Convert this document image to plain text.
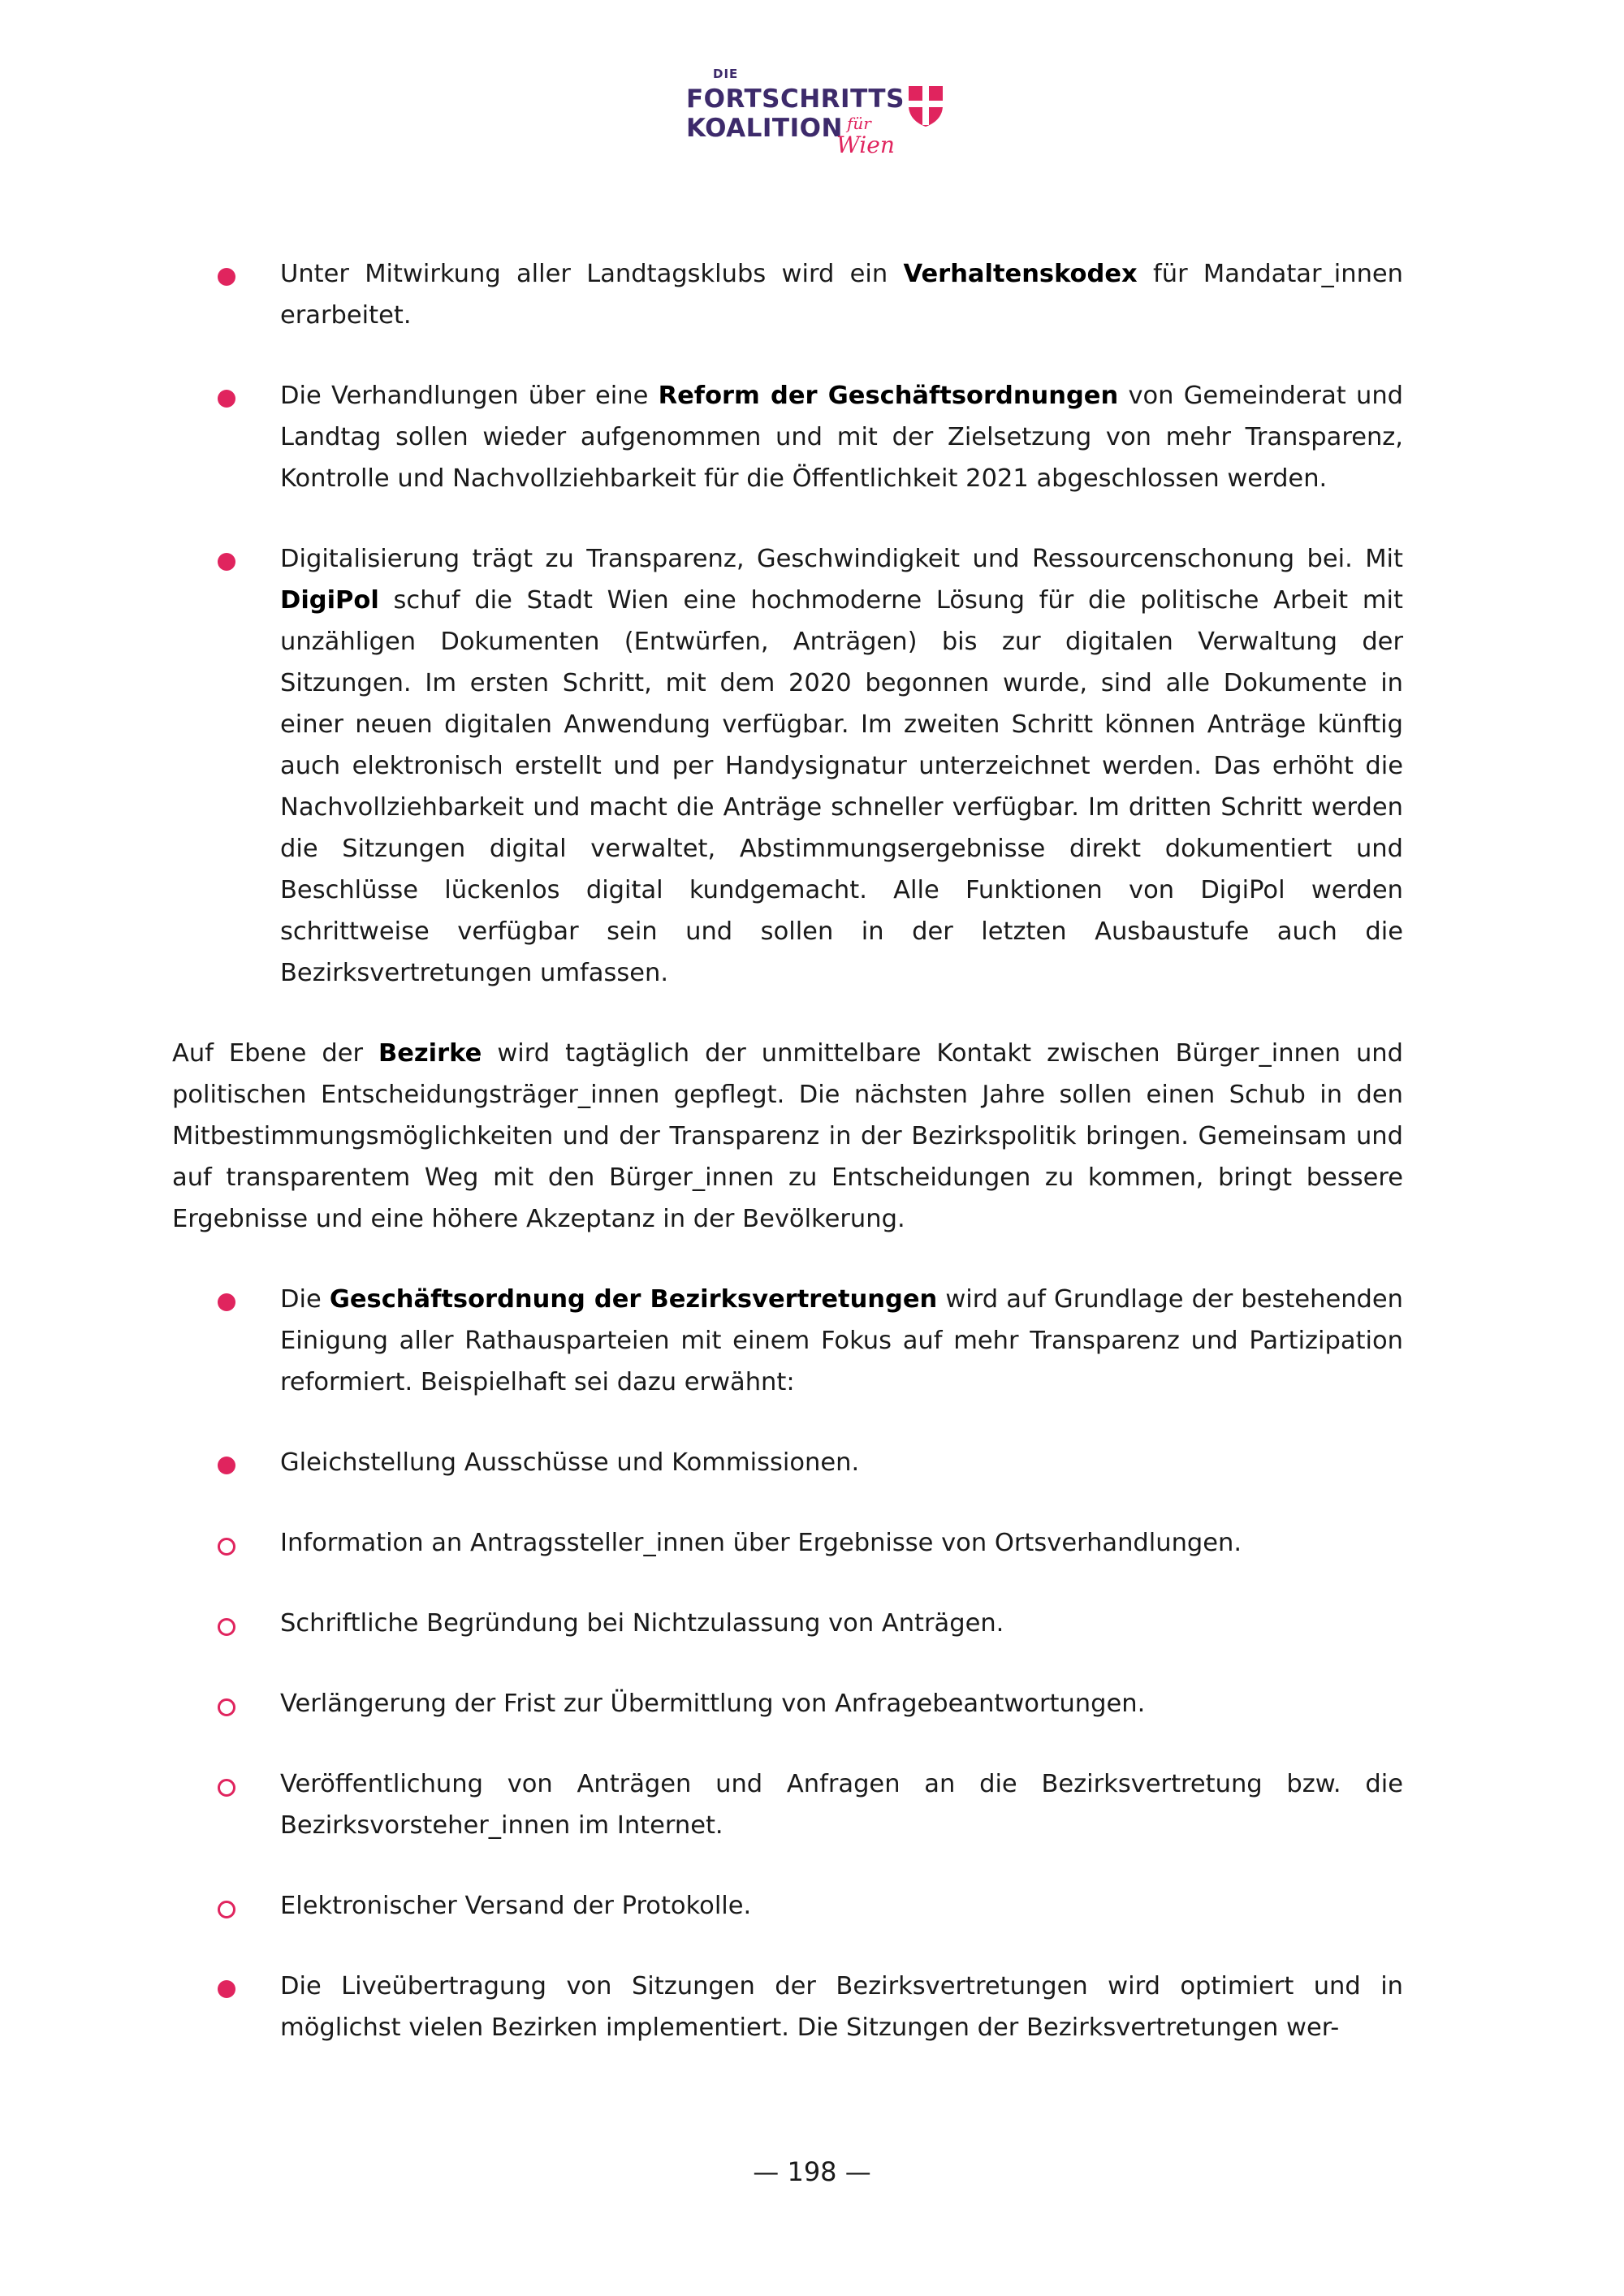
DIE
FORTSCHRITTS
KOALITION für
Wien
Unter Mitwirkung aller Landtagsklubs wird ein Verhaltenskodex für Mandatar_innen erarbeitet.
Die Verhandlungen über eine Reform der Geschäftsordnungen von Gemeinderat und Landtag sollen wieder aufgenommen und mit der Zielsetzung von mehr Transparenz, Kontrolle und Nachvollziehbarkeit für die Öffentlichkeit 2021 abgeschlossen werden.
Digitalisierung trägt zu Transparenz, Geschwindigkeit und Ressourcenschonung bei. Mit DigiPol schuf die Stadt Wien eine hochmoderne Lösung für die politische Arbeit mit unzähligen Dokumenten (Entwürfen, Anträgen) bis zur digitalen Verwaltung der Sitzungen. Im ersten Schritt, mit dem 2020 begonnen wurde, sind alle Dokumente in einer neuen digitalen Anwendung verfügbar. Im zweiten Schritt können Anträge künftig auch elektronisch erstellt und per Handysignatur unterzeichnet werden. Das erhöht die Nachvollziehbarkeit und macht die Anträge schneller verfügbar. Im dritten Schritt werden die Sitzungen digital verwaltet, Abstimmungsergebnisse direkt dokumentiert und Beschlüsse lückenlos digital kundgemacht. Alle Funktionen von DigiPol werden schrittweise verfügbar sein und sollen in der letzten Ausbaustufe auch die Bezirksvertretungen umfassen.
Auf Ebene der Bezirke wird tagtäglich der unmittelbare Kontakt zwischen Bürger_innen und politischen Entscheidungsträger_innen gepflegt. Die nächsten Jahre sollen einen Schub in den Mitbestimmungsmöglichkeiten und der Transparenz in der Bezirkspolitik bringen. Gemeinsam und auf transparentem Weg mit den Bürger_innen zu Entscheidungen zu kommen, bringt bessere Ergebnisse und eine höhere Akzeptanz in der Bevölkerung.
Die Geschäftsordnung der Bezirksvertretungen wird auf Grundlage der bestehenden Einigung aller Rathausparteien mit einem Fokus auf mehr Transparenz und Partizipation reformiert. Beispielhaft sei dazu erwähnt:
Gleichstellung Ausschüsse und Kommissionen.
Information an Antragssteller_innen über Ergebnisse von Ortsverhandlungen.
Schriftliche Begründung bei Nichtzulassung von Anträgen.
Verlängerung der Frist zur Übermittlung von Anfragebeantwortungen.
Veröffentlichung von Anträgen und Anfragen an die Bezirksvertretung bzw. die Bezirksvorsteher_innen im Internet.
Elektronischer Versand der Protokolle.
Die Liveübertragung von Sitzungen der Bezirksvertretungen wird optimiert und in möglichst vielen Bezirken implementiert. Die Sitzungen der Bezirksvertretungen wer-
— 198 —
